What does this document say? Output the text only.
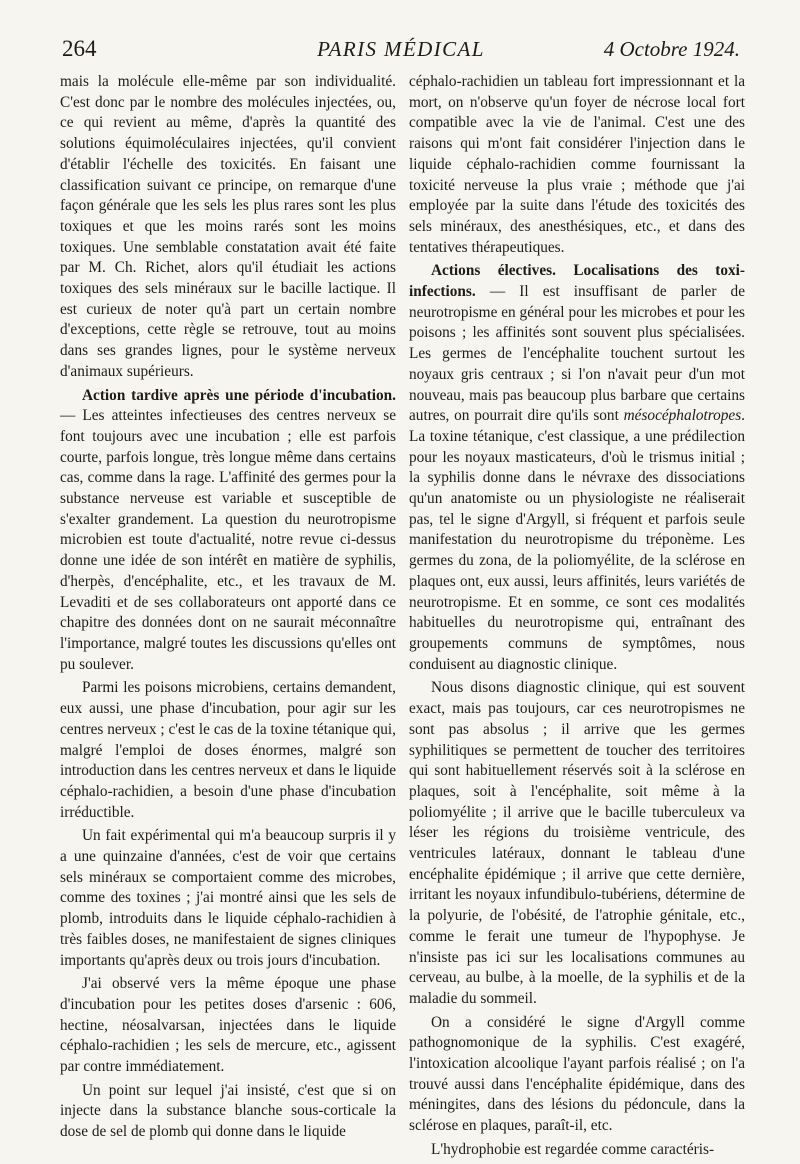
264	PARIS MÉDICAL	4 Octobre 1924.

mais la molécule elle-même par son individualité. C'est donc par le nombre des molécules injectées, ou, ce qui revient au même, d'après la quantité des solutions équimoléculaires injectées, qu'il convient d'établir l'échelle des toxicités. En faisant une classification suivant ce principe, on remarque d'une façon générale que les sels les plus rares sont les plus toxiques et que les moins rarés sont les moins toxiques. Une semblable constatation avait été faite par M. Ch. Richet, alors qu'il étudiait les actions toxiques des sels minéraux sur le bacille lactique. Il est curieux de noter qu'à part un certain nombre d'exceptions, cette règle se retrouve, tout au moins dans ses grandes lignes, pour le système nerveux d'animaux supérieurs.

Action tardive après une période d'incubation. — Les atteintes infectieuses des centres nerveux se font toujours avec une incubation ; elle est parfois courte, parfois longue, très longue même dans certains cas, comme dans la rage. L'affinité des germes pour la substance nerveuse est variable et susceptible de s'exalter grandement. La question du neurotropisme microbien est toute d'actualité, notre revue ci-dessus donne une idée de son intérêt en matière de syphilis, d'herpès, d'encéphalite, etc., et les travaux de M. Levaditi et de ses collaborateurs ont apporté dans ce chapitre des données dont on ne saurait méconnaître l'importance, malgré toutes les discussions qu'elles ont pu soulever.

Parmi les poisons microbiens, certains demandent, eux aussi, une phase d'incubation, pour agir sur les centres nerveux ; c'est le cas de la toxine tétanique qui, malgré l'emploi de doses énormes, malgré son introduction dans les centres nerveux et dans le liquide céphalo-rachidien, a besoin d'une phase d'incubation irréductible.

Un fait expérimental qui m'a beaucoup surpris il y a une quinzaine d'années, c'est de voir que certains sels minéraux se comportaient comme des microbes, comme des toxines ; j'ai montré ainsi que les sels de plomb, introduits dans le liquide céphalo-rachidien à très faibles doses, ne manifestaient de signes cliniques importants qu'après deux ou trois jours d'incubation.

J'ai observé vers la même époque une phase d'incubation pour les petites doses d'arsenic : 606, hectine, néosalvarsan, injectées dans le liquide céphalo-rachidien ; les sels de mercure, etc., agissent par contre immédiatement.

Un point sur lequel j'ai insisté, c'est que si on injecte dans la substance blanche sous-corticale la dose de sel de plomb qui donne dans le liquide

céphalo-rachidien un tableau fort impressionnant et la mort, on n'observe qu'un foyer de nécrose local fort compatible avec la vie de l'animal. C'est une des raisons qui m'ont fait considérer l'injection dans le liquide céphalo-rachidien comme fournissant la toxicité nerveuse la plus vraie ; méthode que j'ai employée par la suite dans l'étude des toxicités des sels minéraux, des anesthésiques, etc., et dans des tentatives thérapeutiques.

Actions électives. Localisations des toxi-infections. — Il est insuffisant de parler de neurotropisme en général pour les microbes et pour les poisons ; les affinités sont souvent plus spécialisées. Les germes de l'encéphalite touchent surtout les noyaux gris centraux ; si l'on n'avait peur d'un mot nouveau, mais pas beaucoup plus barbare que certains autres, on pourrait dire qu'ils sont mésocéphalotropes. La toxine tétanique, c'est classique, a une prédilection pour les noyaux masticateurs, d'où le trismus initial ; la syphilis donne dans le névraxe des dissociations qu'un anatomiste ou un physiologiste ne réaliserait pas, tel le signe d'Argyll, si fréquent et parfois seule manifestation du neurotropisme du tréponème. Les germes du zona, de la poliomyélite, de la sclérose en plaques ont, eux aussi, leurs affinités, leurs variétés de neurotropisme. Et en somme, ce sont ces modalités habituelles du neurotropisme qui, entraînant des groupements communs de symptômes, nous conduisent au diagnostic clinique.

Nous disons diagnostic clinique, qui est souvent exact, mais pas toujours, car ces neurotropismes ne sont pas absolus ; il arrive que les germes syphilitiques se permettent de toucher des territoires qui sont habituellement réservés soit à la sclérose en plaques, soit à l'encéphalite, soit même à la poliomyélite ; il arrive que le bacille tuberculeux va léser les régions du troisième ventricule, des ventricules latéraux, donnant le tableau d'une encéphalite épidémique ; il arrive que cette dernière, irritant les noyaux infundibulo-tubériens, détermine de la polyurie, de l'obésité, de l'atrophie génitale, etc., comme le ferait une tumeur de l'hypophyse. Je n'insiste pas ici sur les localisations communes au cerveau, au bulbe, à la moelle, de la syphilis et de la maladie du sommeil.

On a considéré le signe d'Argyll comme pathognomonique de la syphilis. C'est exagéré, l'intoxication alcoolique l'ayant parfois réalisé ; on l'a trouvé aussi dans l'encéphalite épidémique, dans des méningites, dans des lésions du pédoncule, dans la sclérose en plaques, paraît-il, etc.

L'hydrophobie est regardée comme caractéris-
